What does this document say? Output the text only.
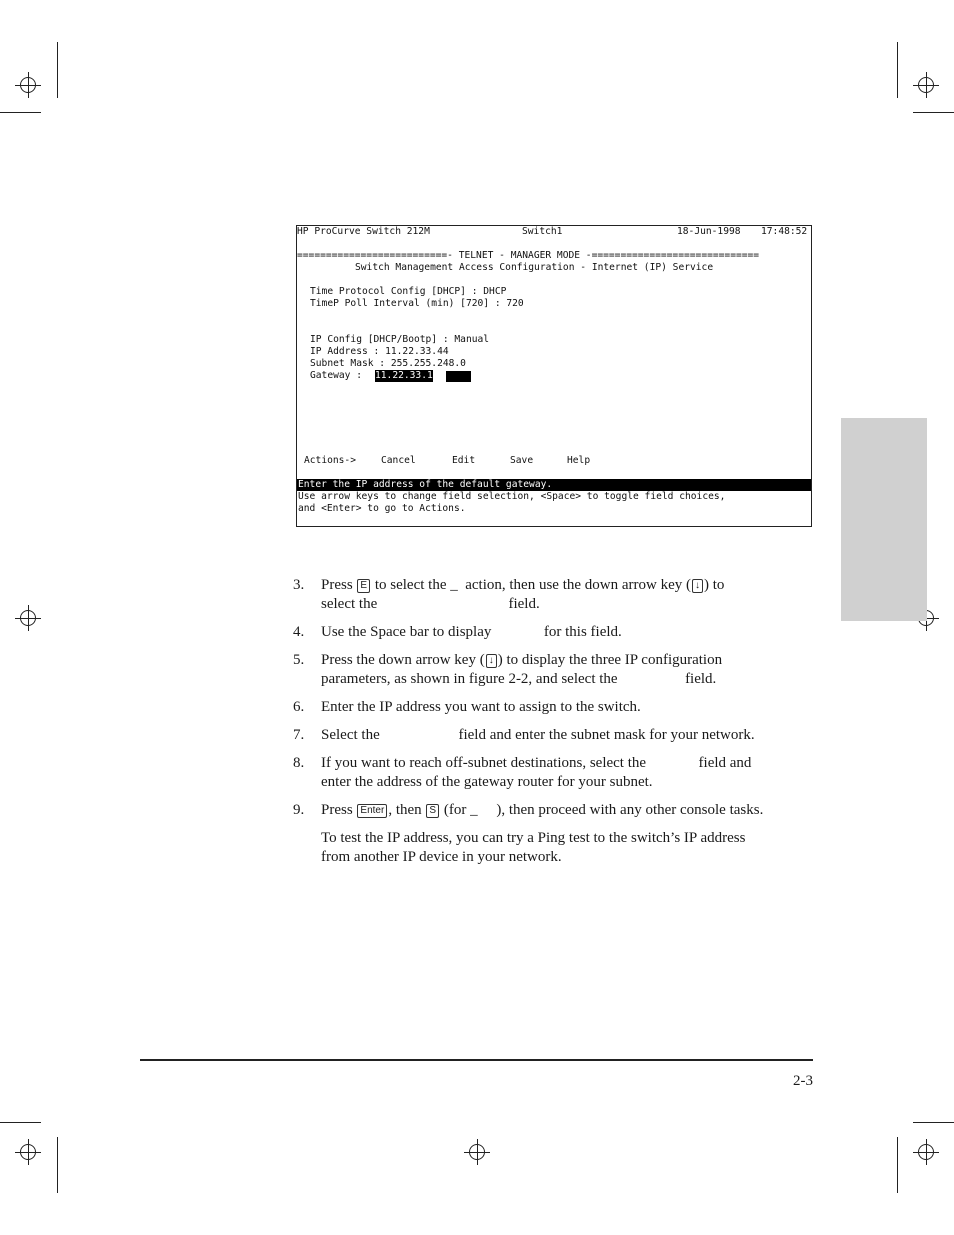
HP ProCurve Switch 212M	Switch1	18-Jun-1998 17:48:52
==========================- TELNET - MANAGER MODE -=============================
Switch Management Access Configuration - Internet (IP) Service
Time Protocol Config [DHCP] : DHCP
TimeP Poll Interval (min) [720] : 720
IP Config [DHCP/Bootp] : Manual
IP Address : 11.22.33.44
Subnet Mask : 255.255.248.0
Gateway : 11.22.33.1
Actions->	Cancel	Edit	Save	Help
Enter the IP address of the default gateway.
Use arrow keys to change field selection, <Space> to toggle field choices,
and <Enter> to go to Actions.
3.	Press E to select the _  action, then use the down arrow key ( ↓ ) to
select the                                   field.
4.	Use the Space bar to display              for this field.
5.	Press the down arrow key ( ↓ ) to display the three IP configuration
parameters, as shown in figure 2-2, and select the                  field.
6.	Enter the IP address you want to assign to the switch.
7.	Select the                     field and enter the subnet mask for your network.
8.	If you want to reach off-subnet destinations, select the              field and
enter the address of the gateway router for your subnet.
9.	Press Enter , then S (for _     ), then proceed with any other console tasks.
To test the IP address, you can try a Ping test to the switch’s IP address
from another IP device in your network.
2-3
